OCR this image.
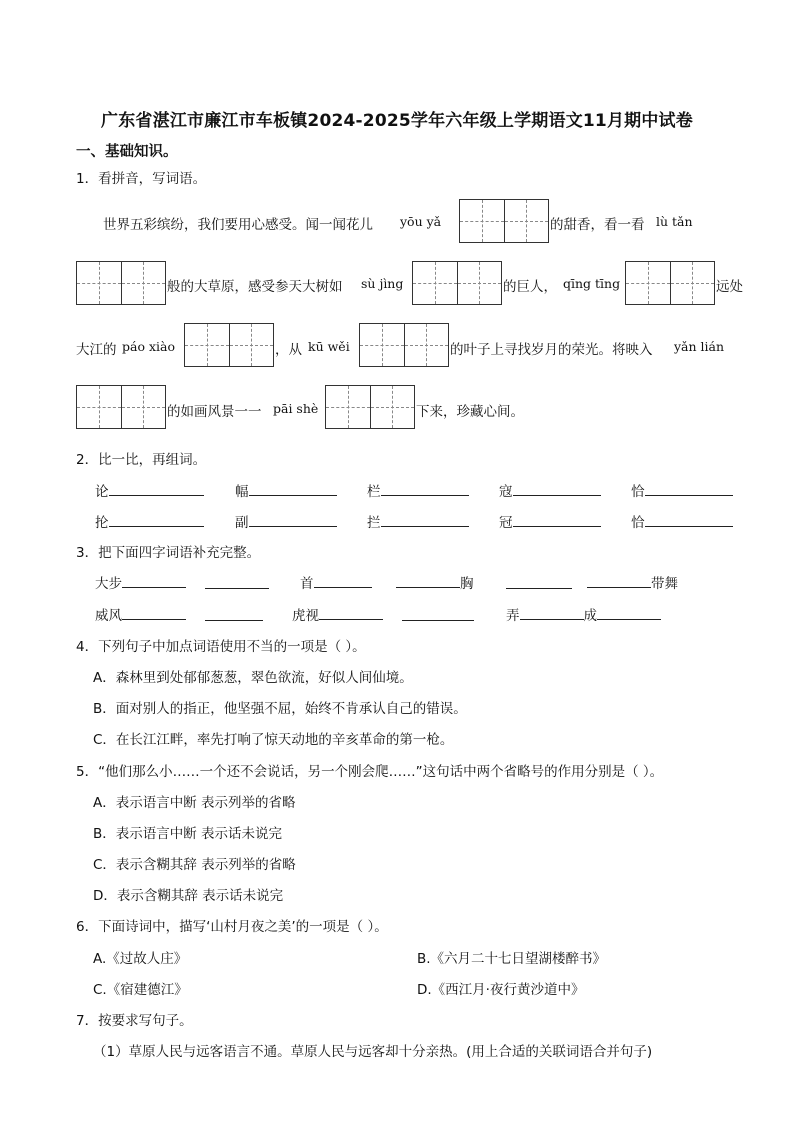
广东省湛江市廉江市车板镇2024-2025学年六年级上学期语文11月期中试卷
一、基础知识。
1．看拼音，写词语。
世界五彩缤纷，我们要用心感受。闻一闻花儿 yōu yǎ	的甜香，看一看 lù tǎn
般的大草原，感受参天大树如 sù jìng	的巨人， qīng tīng	远处
大江的 páo xiào	，从 kū wěi	的叶子上寻找岁月的荣光。将映入 yǎn lián
的如画风景一一 pāi shè	下来，珍藏心间。
2．比一比，再组词。
论	幅	栏	寇	恰
抡	副	拦	冠	恰
3．把下面四字词语补充完整。
大步	首	胸	带舞
威风	虎视	弄	成
4．下列句子中加点词语使用不当的一项是（ ）。
A．森林里到处郁郁葱葱，翠色欲流，好似人间仙境。
B．面对别人的指正，他坚强不屈，始终不肯承认自己的错误。
C．在长江江畔，率先打响了惊天动地的辛亥革命的第一枪。
5．“他们那么小……一个还不会说话，另一个刚会爬……”这句话中两个省略号的作用分别是（ ）。
A．表示语言中断 表示列举的省略
B．表示语言中断 表示话未说完
C．表示含糊其辞 表示列举的省略
D．表示含糊其辞 表示话未说完
6．下面诗词中，描写‘山村月夜之美’的一项是（ ）。
A.《过故人庄》	B.《六月二十七日望湖楼醉书》
C.《宿建德江》	D.《西江月·夜行黄沙道中》
7．按要求写句子。
（1）草原人民与远客语言不通。草原人民与远客却十分亲热。(用上合适的关联词语合并句子)
